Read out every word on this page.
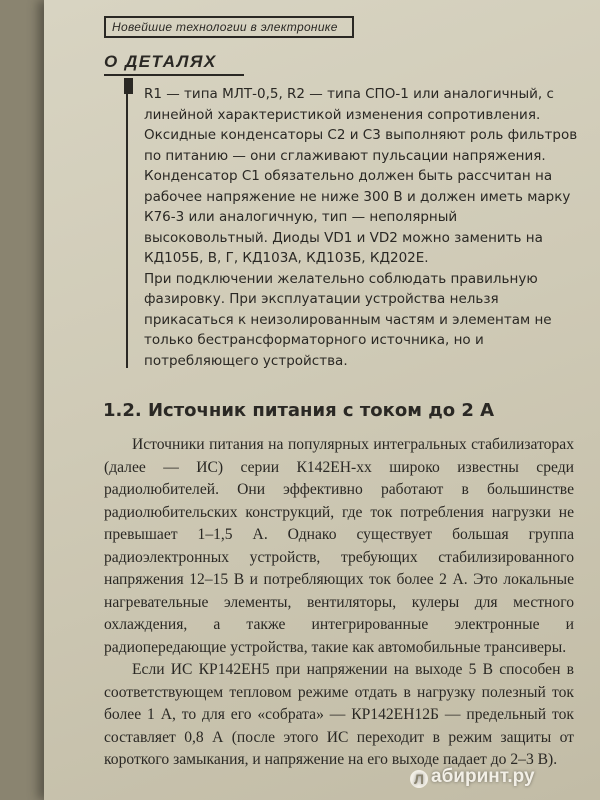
Новейшие технологии в электронике
О ДЕТАЛЯХ

R1 — типа МЛТ-0,5, R2 — типа СПО-1 или аналогичный, с линейной характеристикой изменения сопротивления. Оксидные конденсаторы С2 и С3 выполняют роль фильтров по питанию — они сглаживают пульсации напряжения. Конденсатор С1 обязательно должен быть рассчитан на рабочее напряжение не ниже 300 В и должен иметь марку К76-3 или аналогичную, тип — неполярный высоковольтный. Диоды VD1 и VD2 можно заменить на КД105Б, В, Г, КД103А, КД103Б, КД202Е.

При подключении желательно соблюдать правильную фазировку. При эксплуатации устройства нельзя прикасаться к неизолированным частям и элементам не только бестрансформаторного источника, но и потребляющего устройства.

1.2. Источник питания с током до 2 А

Источники питания на популярных интегральных стабилизаторах (далее — ИС) серии К142ЕН-хх широко известны среди радиолюбителей. Они эффективно работают в большинстве радиолюбительских конструкций, где ток потребления нагрузки не превышает 1–1,5 А. Однако существует большая группа радиоэлектронных устройств, требующих стабилизированного напряжения 12–15 В и потребляющих ток более 2 А. Это локальные нагревательные элементы, вентиляторы, кулеры для местного охлаждения, а также интегрированные электронные и радиопередающие устройства, такие как автомобильные трансиверы.

Если ИС КР142ЕН5 при напряжении на выходе 5 В способен в соответствующем тепловом режиме отдать в нагрузку полезный ток более 1 А, то для его «собрата» — КР142ЕН12Б — предельный ток составляет 0,8 А (после этого ИС переходит в режим защиты от короткого замыкания, и напряжение на его выходе падает до 2–3 В).

Л абиринт.ру
